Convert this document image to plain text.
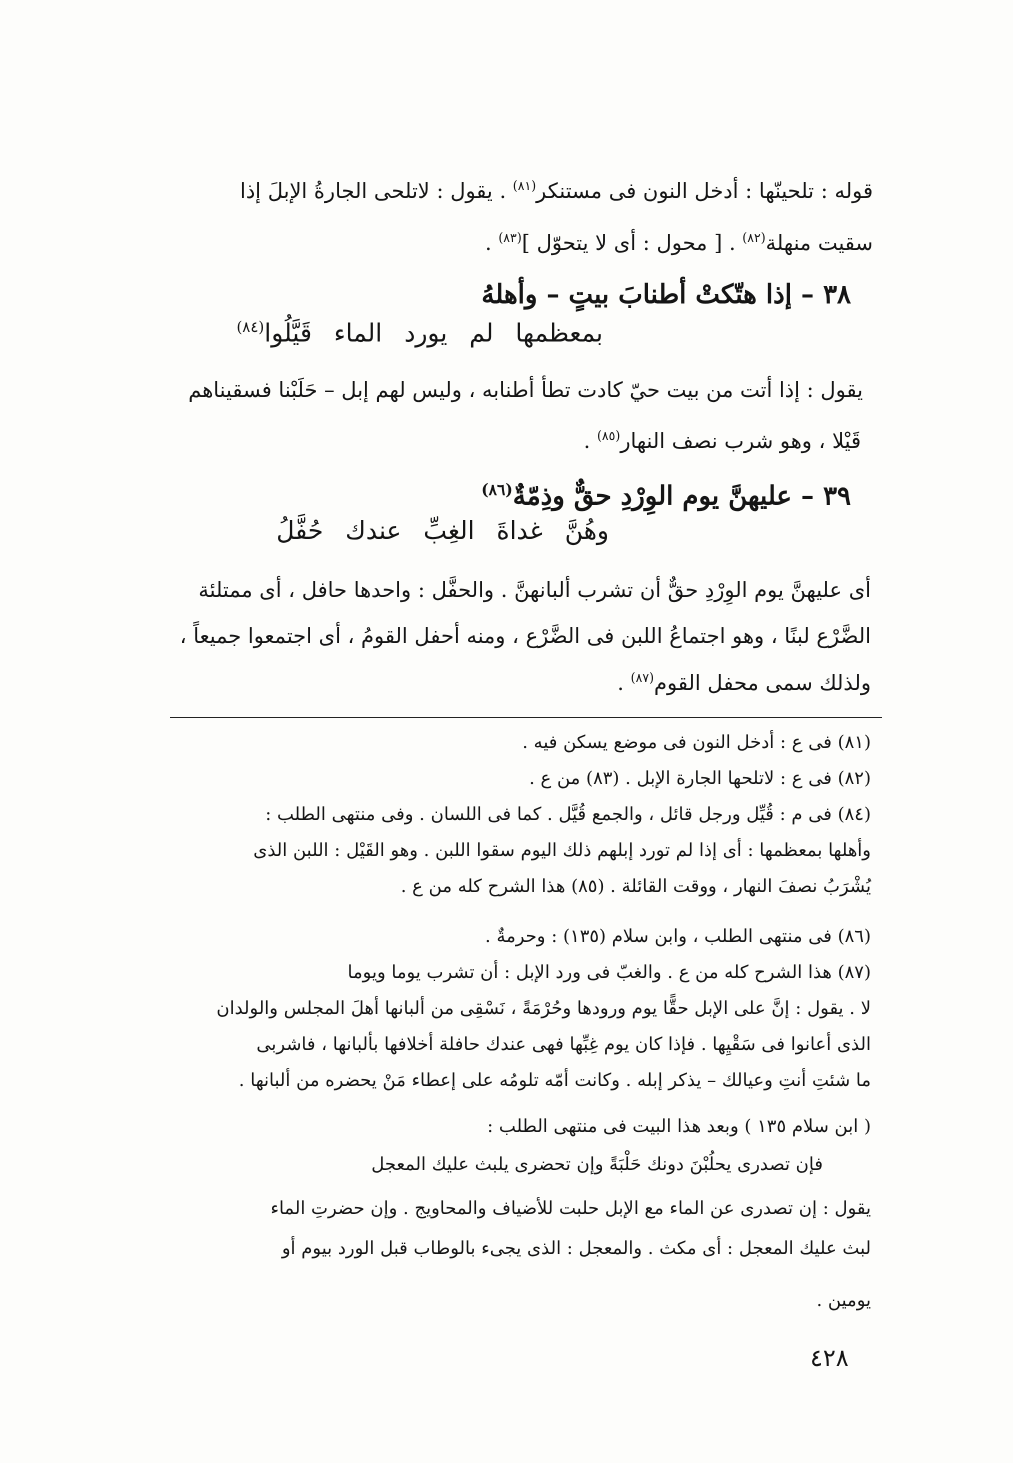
قوله : تلحينّها : أدخل النون فى مستنكر$^{(٨١)}$ . يقول : لاتلحى الجارةُ الإبلَ إذا
سقيت منهلة$^{(٨٢)}$ . [ محول : أى لا يتحوّل ]$^{(٨٣)}$ .
٣٨ – إذا هتّكتْ أطنابَ بيتٍ – وأهلهُ
بمعظمها لم يورد الماء قَيَّلُوا$^{(٨٤)}$
يقول : إذا أتت من بيت حيّ كادت تطأ أطنابه ، وليس لهم إبل – حَلَبْنا فسقيناهم
قَيْلا ، وهو شرب نصف النهار$^{(٨٥)}$ .
٣٩ – عليهنَّ يوم الوِرْدِ حقٌّ وذِمّةٌ$^{(٨٦)}$
وهُنَّ غداةَ الغِبِّ عندك حُفَّلُ
أى عليهنَّ يوم الوِرْدِ حقٌّ أن تشرب ألبانهنَّ . والحفَّل : واحدها حافل ، أى ممتلئة
الضَّرْع لبنًا ، وهو اجتماعُ اللبن فى الضَّرْع ، ومنه أحفل القومُ ، أى اجتمعوا جميعاً ،
ولذلك سمى محفل القوم$^{(٨٧)}$ .
(٨١) فى ع : أدخل النون فى موضع يسكن فيه .
(٨٢) فى ع : لاتلحها الجارة الإبل . (٨٣) من ع .
(٨٤) فى م : قُيِّل ورجل قائل ، والجمع قُيَّل . كما فى اللسان . وفى منتهى الطلب :
وأهلها بمعظمها : أى إذا لم تورد إبلهم ذلك اليوم سقوا اللبن . وهو القَيْل : اللبن الذى
يُشْرَبُ نصفَ النهار ، ووقت القائلة . (٨٥) هذا الشرح كله من ع .
(٨٦) فى منتهى الطلب ، وابن سلام (١٣٥) : وحرمةٌ .
(٨٧) هذا الشرح كله من ع . والغبّ فى ورد الإبل : أن تشرب يوما ويوما
لا . يقول : إنَّ على الإبل حقًّا يوم ورودها وحُرْمَةً ، نَسْقِى من ألبانها أهلَ المجلس والولدان
الذى أعانوا فى سَقْيِها . فإذا كان يوم غِبِّها فهى عندك حافلة أخلافها بألبانها ، فاشربى
ما شئتِ أنتِ وعيالك – يذكر إبله . وكانت أمّه تلومُه على إعطاء مَنْ يحضره من ألبانها .
( ابن سلام ١٣٥ ) وبعد هذا البيت فى منتهى الطلب :
فإن تصدرى يحلُبْنَ دونك حَلْبَةً وإن تحضرى يلبث عليك المعجل
يقول : إن تصدرى عن الماء مع الإبل حلبت للأضياف والمحاويج . وإن حضرتِ الماء
لبث عليك المعجل : أى مكث . والمعجل : الذى يجىء بالوطاب قبل الورد بيوم أو
يومين .
٤٢٨
